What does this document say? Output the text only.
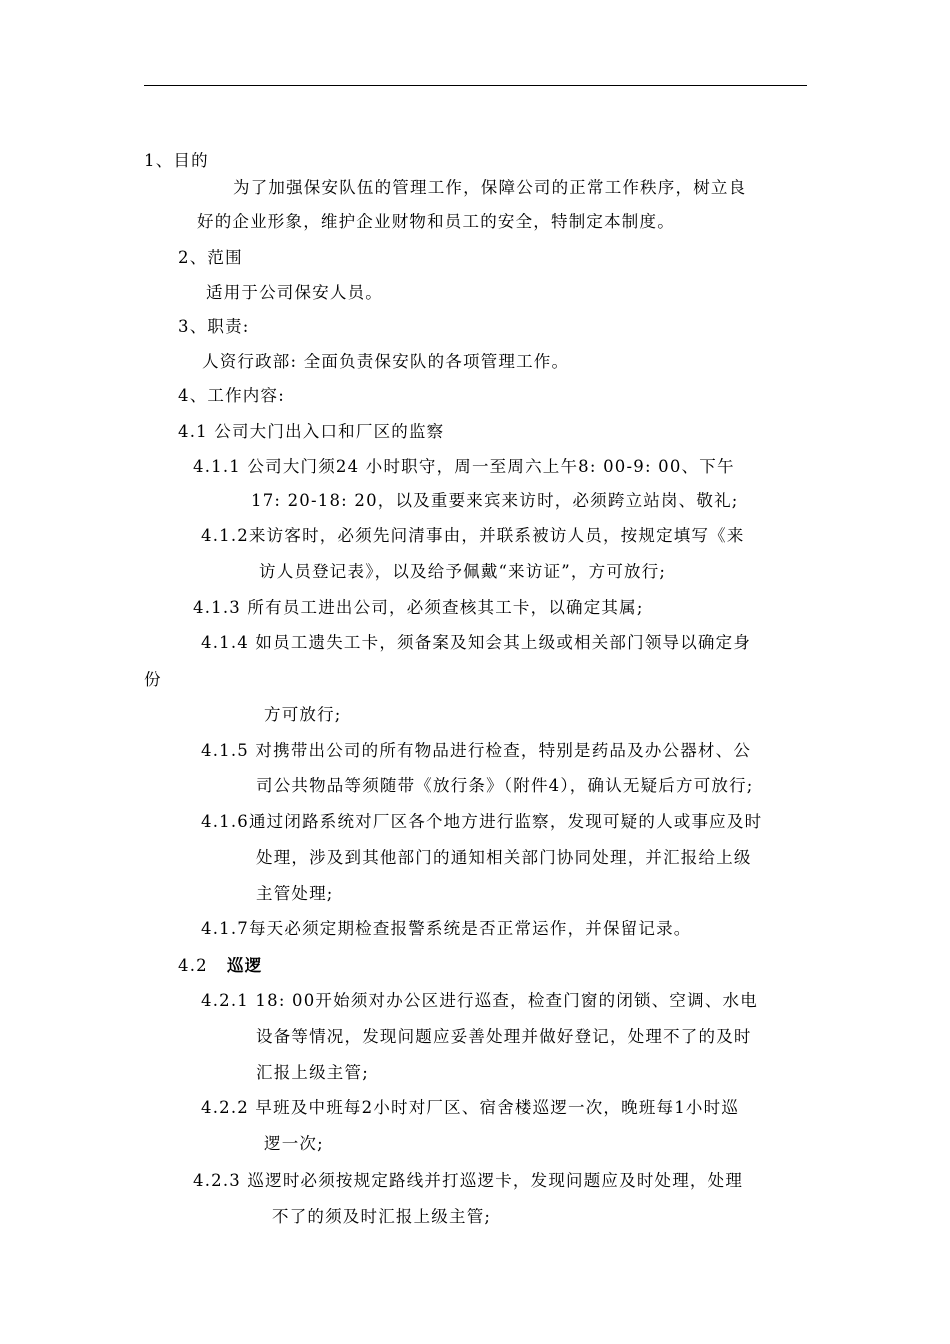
1、目的
为了加强保安队伍的管理工作，保障公司的正常工作秩序，树立良
好的企业形象，维护企业财物和员工的安全，特制定本制度。
2、范围
适用于公司保安人员。
3、职责:
人资行政部: 全面负责保安队的各项管理工作。
4、工作内容:
4.1 公司大门出入口和厂区的监察
4.1.1 公司大门须24 小时职守，周一至周六上午8: 00-9: 00、下午
17: 20-18: 20，以及重要来宾来访时，必须跨立站岗、敬礼;
4.1.2来访客时，必须先问清事由，并联系被访人员，按规定填写《来
访人员登记表》，以及给予佩戴“来访证”，方可放行;
4.1.3 所有员工进出公司，必须查核其工卡，以确定其属;
4.1.4 如员工遗失工卡，须备案及知会其上级或相关部门领导以确定身
份
方可放行;
4.1.5 对携带出公司的所有物品进行检查，特别是药品及办公器材、公
司公共物品等须随带《放行条》（附件4），确认无疑后方可放行;
4.1.6通过闭路系统对厂区各个地方进行监察，发现可疑的人或事应及时
处理，涉及到其他部门的通知相关部门协同处理，并汇报给上级
主管处理;
4.1.7每天必须定期检查报警系统是否正常运作，并保留记录。
4.2 巡逻
4.2.1 18: 00开始须对办公区进行巡查，检查门窗的闭锁、空调、水电
设备等情况，发现问题应妥善处理并做好登记，处理不了的及时
汇报上级主管;
4.2.2 早班及中班每2小时对厂区、宿舍楼巡逻一次，晚班每1小时巡
逻一次;
4.2.3 巡逻时必须按规定路线并打巡逻卡，发现问题应及时处理，处理
不了的须及时汇报上级主管;
